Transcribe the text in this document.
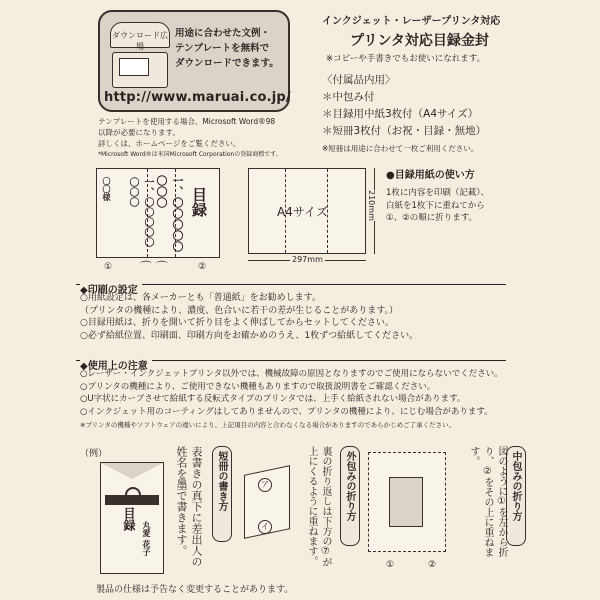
ダウンロード広場
用途に合わせた文例・
テンプレートを無料で
ダウンロードできます。
http://www.maruai.co.jp/
テンプレートを使用する場合、Microsoft Word®98
以降が必要になります。
詳しくは、ホームページをご覧ください。
*Microsoft Word®は米国Microsoft Corporationの登録商標です。
インクジェット・レーザープリンタ対応
プリンタ対応目録金封
※コピーや手書きでもお使いになれます。
〈付属品内用〉
＊中包み付
＊目録用中紙3枚付（A4サイズ）
＊短冊3枚付（お祝・目録・無地）
※短冊は用途に合わせて一枚ご利用ください。
〇〇様	一、〇〇〇〇〇〇〇〇	一、〇〇〇〇〇〇〇〇	目録
①	②
⌒ ⌒
A4サイズ
297mm
210mm
●目録用紙の使い方
1枚に内容を印刷（記載）、
白紙を1枚下に重ねてから
①、②の順に折ります。
◆印刷の設定
○用紙設定は、各メーカーとも「普通紙」をお勧めします。
（プリンタの機種により、濃度、色合いに若干の差が生じることがあります。）
○目録用紙は、折りを開いて折り目をよく伸ばしてからセットしてください。
○必ず給紙位置、印刷面、印刷方向をお確かめのうえ、1枚ずつ給紙してください。
◆使用上の注意
○レーザー・インクジェットプリンタ以外では、機械故障の原因となりますのでご使用にならないでください。
○プリンタの機種により、ご使用できない機種もありますので取扱説明書をご確認ください。
○U字状にカーブさせて給紙する反転式タイプのプリンタでは、上手く給紙されない場合があります。
○インクジェット用のコーティングはしてありませんので、プリンタの機種により、にじむ場合があります。
※プリンタの機種やソフトウェアの違いにより、上記項目の内容と合わなくなる場合がありますのであらかじめご了承ください。
（例）
目録
丸愛 花子	表書きの真下に差出人の姓名を墨で書きます。	短冊の書き方	ア
イ
外包みの折り方
裏の折り返しは下方の⑦が上にくるように重ねます。	①	②
中包みの折り方
図のように①を左から折り、②をその上に重ねます。
製品の仕様は予告なく変更することがあります。
